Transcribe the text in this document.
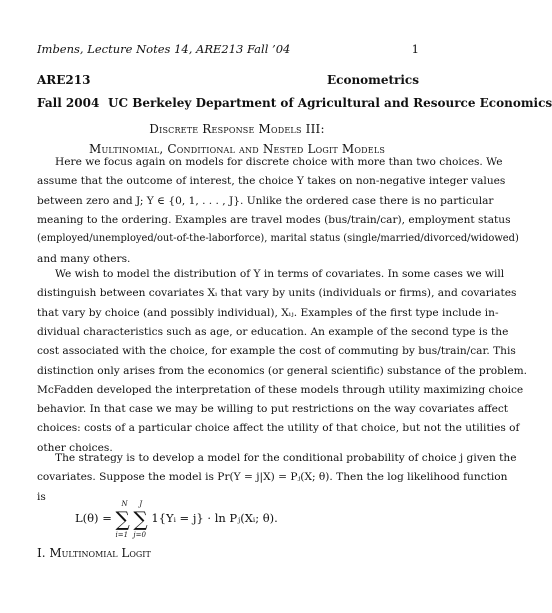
Imbens, Lecture Notes 14, ARE213 Fall ’04	1
ARE213	Econometrics
Fall 2004 UC Berkeley Department of Agricultural and Resource Economics
Discrete Response Models III:
Multinomial, Conditional and Nested Logit Models
Here we focus again on models for discrete choice with more than two choices. We
assume that the outcome of interest, the choice Y takes on non-negative integer values
between zero and J; Y ∈ {0, 1, . . . , J}. Unlike the ordered case there is no particular
meaning to the ordering. Examples are travel modes (bus/train/car), employment status
(employed/unemployed/out-of-the-laborforce), marital status (single/married/divorced/widowed)
and many others.
We wish to model the distribution of Y in terms of covariates. In some cases we will
distinguish between covariates Xᵢ that vary by units (individuals or firms), and covariates
that vary by choice (and possibly individual), Xᵢⱼ. Examples of the first type include in-
dividual characteristics such as age, or education. An example of the second type is the
cost associated with the choice, for example the cost of commuting by bus/train/car. This
distinction only arises from the economics (or general scientific) substance of the problem.
McFadden developed the interpretation of these models through utility maximizing choice
behavior. In that case we may be willing to put restrictions on the way covariates affect
choices: costs of a particular choice affect the utility of that choice, but not the utilities of
other choices.
The strategy is to develop a model for the conditional probability of choice j given the
covariates. Suppose the model is Pr(Y = j|X) = Pⱼ(X; θ). Then the log likelihood function
is
L(θ) = ∑
N
i=1
∑
J
j=0
1{Yᵢ = j} · ln Pⱼ(Xᵢ; θ).
I. Multinomial Logit
